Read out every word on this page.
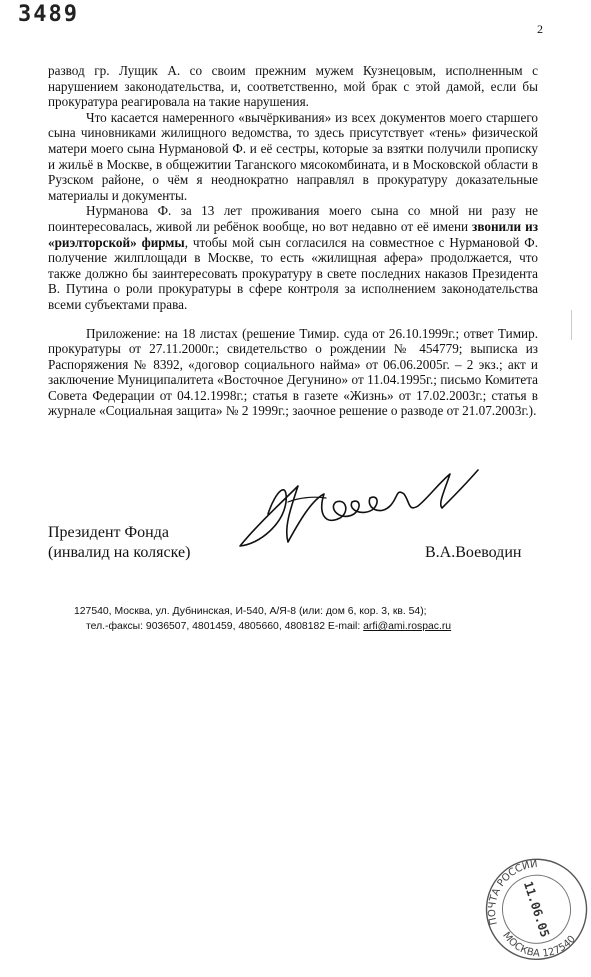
3489
2

развод гр. Лущик А. со своим прежним мужем Кузнецовым, исполненным с нарушением законодательства, и, соответственно, мой брак с этой дамой, если бы прокуратура реагировала на такие нарушения.

Что касается намеренного «вычёркивания» из всех документов моего старшего сына чиновниками жилищного ведомства, то здесь присутствует «тень» физической матери моего сына Нурмановой Ф. и её сестры, которые за взятки получили прописку и жильё в Москве, в общежитии Таганского мясокомбината, и в Московской области в Рузском районе, о чём я неоднократно направлял в прокуратуру доказательные материалы и документы.

Нурманова Ф. за 13 лет проживания моего сына со мной ни разу не поинтересовалась, живой ли ребёнок вообще, но вот недавно от её имени звонили из «риэлторской» фирмы, чтобы мой сын согласился на совместное с Нурмановой Ф. получение жилплощади в Москве, то есть «жилищная афера» продолжается, что также должно бы заинтересовать прокуратуру в свете последних наказов Президента В. Путина о роли прокуратуры в сфере контроля за исполнением законодательства всеми субъектами права.

Приложение: на 18 листах (решение Тимир. суда от 26.10.1999г.; ответ Тимир. прокуратуры от 27.11.2000г.; свидетельство о рождении № 454779; выписка из Распоряжения № 8392, «договор социального найма» от 06.06.2005г. – 2 экз.; акт и заключение Муниципалитета «Восточное Дегунино» от 11.04.1995г.; письмо Комитета Совета Федерации от 04.12.1998г.; статья в газете «Жизнь» от 17.02.2003г.; статья в журнале «Социальная защита» № 2 1999г.; заочное решение о разводе от 21.07.2003г.).

Президент Фонда
(инвалид на коляске)	В.А.Воеводин

127540, Москва, ул. Дубнинская, И-540, А/Я-8 (или: дом 6, кор. 3, кв. 54);

тел.-факсы: 9036507, 4801459, 4805660, 4808182 E-mail: arfi@ami.rospac.ru

ПОЧТА РОССИИ
МОСКВА 127540
11.06.05
